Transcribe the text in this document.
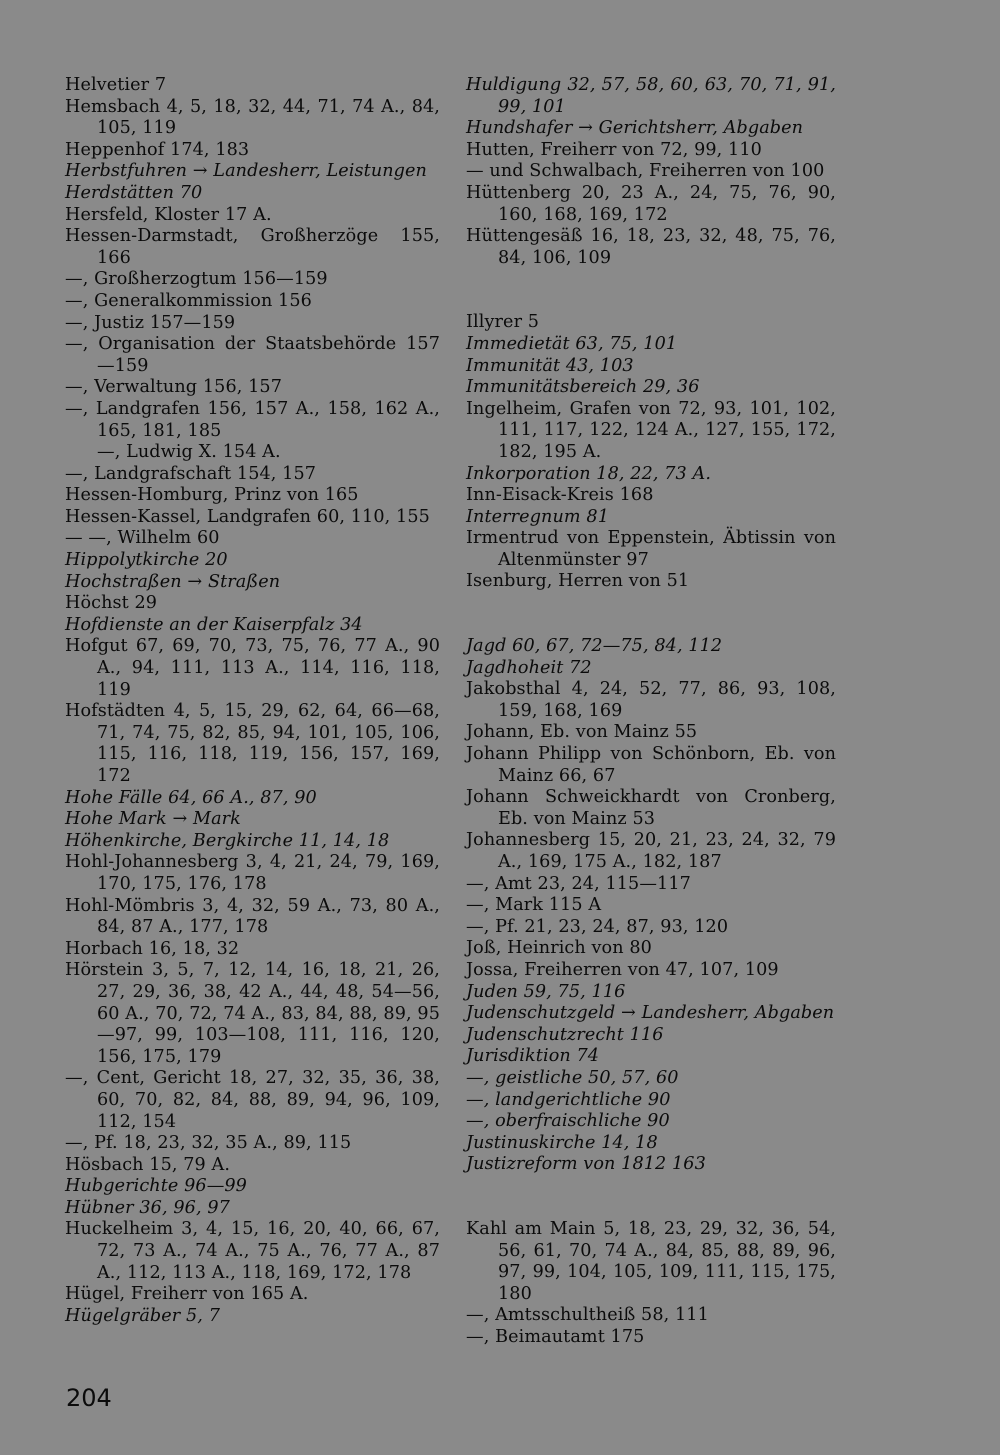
Helvetier 7
Hemsbach 4, 5, 18, 32, 44, 71, 74 A., 84, 105, 119
Heppenhof 174, 183
Herbstfuhren → Landesherr, Leistungen
Herdstätten 70
Hersfeld, Kloster 17 A.
Hessen-Darmstadt, Großherzöge 155, 166
—, Großherzogtum 156—159
—, Generalkommission 156
—, Justiz 157—159
—, Organisation der Staatsbehörde 157—159
—, Verwaltung 156, 157
—, Landgrafen 156, 157 A., 158, 162 A., 165, 181, 185
—, Ludwig X. 154 A.
—, Landgrafschaft 154, 157
Hessen-Homburg, Prinz von 165
Hessen-Kassel, Landgrafen 60, 110, 155
— —, Wilhelm 60
Hippolytkirche 20
Hochstraßen → Straßen
Höchst 29
Hofdienste an der Kaiserpfalz 34
Hofgut 67, 69, 70, 73, 75, 76, 77 A., 90 A., 94, 111, 113 A., 114, 116, 118, 119
Hofstädten 4, 5, 15, 29, 62, 64, 66—68, 71, 74, 75, 82, 85, 94, 101, 105, 106, 115, 116, 118, 119, 156, 157, 169, 172
Hohe Fälle 64, 66 A., 87, 90
Hohe Mark → Mark
Höhenkirche, Bergkirche 11, 14, 18
Hohl-Johannesberg 3, 4, 21, 24, 79, 169, 170, 175, 176, 178
Hohl-Mömbris 3, 4, 32, 59 A., 73, 80 A., 84, 87 A., 177, 178
Horbach 16, 18, 32
Hörstein 3, 5, 7, 12, 14, 16, 18, 21, 26, 27, 29, 36, 38, 42 A., 44, 48, 54—56, 60 A., 70, 72, 74 A., 83, 84, 88, 89, 95—97, 99, 103—108, 111, 116, 120, 156, 175, 179
—, Cent, Gericht 18, 27, 32, 35, 36, 38, 60, 70, 82, 84, 88, 89, 94, 96, 109, 112, 154
—, Pf. 18, 23, 32, 35 A., 89, 115
Hösbach 15, 79 A.
Hubgerichte 96—99
Hübner 36, 96, 97
Huckelheim 3, 4, 15, 16, 20, 40, 66, 67, 72, 73 A., 74 A., 75 A., 76, 77 A., 87 A., 112, 113 A., 118, 169, 172, 178
Hügel, Freiherr von 165 A.
Hügelgräber 5, 7
Huldigung 32, 57, 58, 60, 63, 70, 71, 91, 99, 101
Hundshafer → Gerichtsherr, Abgaben
Hutten, Freiherr von 72, 99, 110
— und Schwalbach, Freiherren von 100
Hüttenberg 20, 23 A., 24, 75, 76, 90, 160, 168, 169, 172
Hüttengesäß 16, 18, 23, 32, 48, 75, 76, 84, 106, 109
Illyrer 5
Immedietät 63, 75, 101
Immunität 43, 103
Immunitätsbereich 29, 36
Ingelheim, Grafen von 72, 93, 101, 102, 111, 117, 122, 124 A., 127, 155, 172, 182, 195 A.
Inkorporation 18, 22, 73 A.
Inn-Eisack-Kreis 168
Interregnum 81
Irmentrud von Eppenstein, Äbtissin von Altenmünster 97
Isenburg, Herren von 51
Jagd 60, 67, 72—75, 84, 112
Jagdhoheit 72
Jakobsthal 4, 24, 52, 77, 86, 93, 108, 159, 168, 169
Johann, Eb. von Mainz 55
Johann Philipp von Schönborn, Eb. von Mainz 66, 67
Johann Schweickhardt von Cronberg, Eb. von Mainz 53
Johannesberg 15, 20, 21, 23, 24, 32, 79 A., 169, 175 A., 182, 187
—, Amt 23, 24, 115—117
—, Mark 115 A
—, Pf. 21, 23, 24, 87, 93, 120
Joß, Heinrich von 80
Jossa, Freiherren von 47, 107, 109
Juden 59, 75, 116
Judenschutzgeld → Landesherr, Abgaben
Judenschutzrecht 116
Jurisdiktion 74
—, geistliche 50, 57, 60
—, landgerichtliche 90
—, oberfraischliche 90
Justinuskirche 14, 18
Justizreform von 1812 163
Kahl am Main 5, 18, 23, 29, 32, 36, 54, 56, 61, 70, 74 A., 84, 85, 88, 89, 96, 97, 99, 104, 105, 109, 111, 115, 175, 180
—, Amtsschultheiß 58, 111
—, Beimautamt 175
204
